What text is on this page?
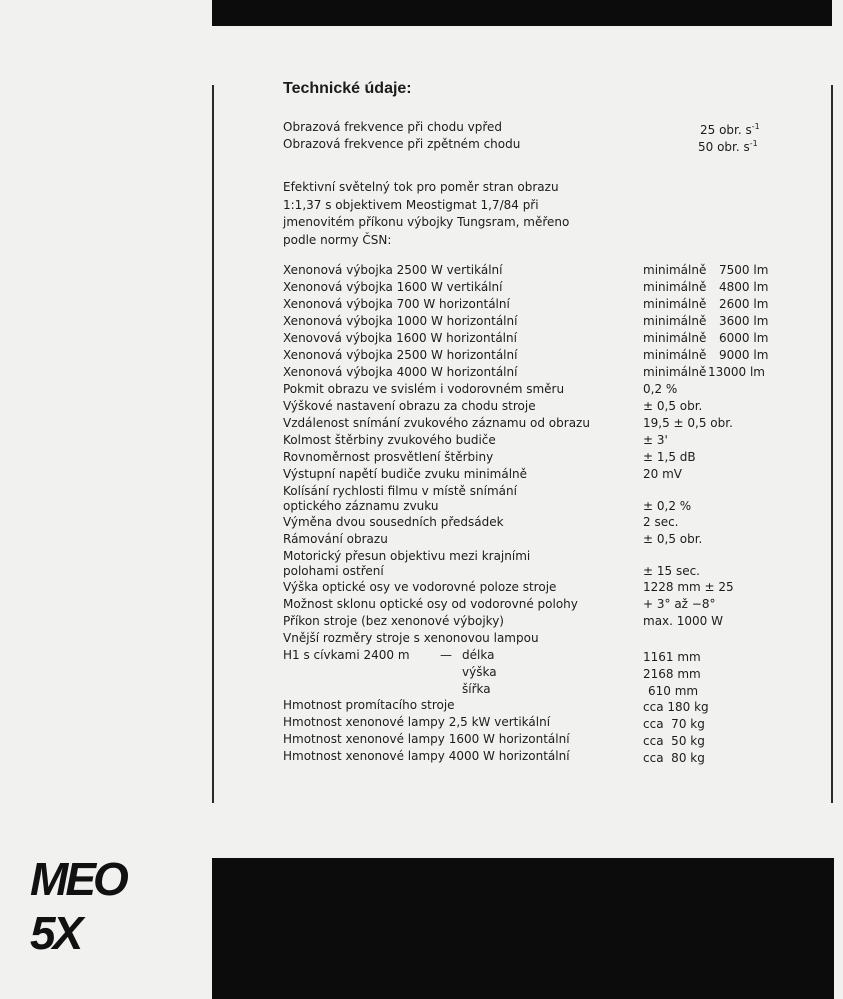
Technické údaje:
Obrazová frekvence při chodu vpřed	25 obr. $s^{-1}$
Obrazová frekvence při zpětném chodu	50 obr. $s^{-1}$
Efektivní světelný tok pro poměr stran obrazu
1:1,37 s objektivem Meostigmat 1,7/84 při
jmenovitém příkonu výbojky Tungsram, měřeno
podle normy ČSN:
Xenonová výbojka 2500 W vertikální	minimálně 7500 lm
Xenonová výbojka 1600 W vertikální	minimálně 4800 lm
Xenonová výbojka 700 W horizontální	minimálně 2600 lm
Xenonová výbojka 1000 W horizontální	minimálně 3600 lm
Xenovová výbojka 1600 W horizontální	minimálně 6000 lm
Xenonová výbojka 2500 W horizontální	minimálně 9000 lm
Xenonová výbojka 4000 W horizontální	minimálně 13000 lm
Pokmit obrazu ve svislém i vodorovném směru	0,2 %
Výškové nastavení obrazu za chodu stroje	± 0,5 obr.
Vzdálenost snímání zvukového záznamu od obrazu	19,5 ± 0,5 obr.
Kolmost štěrbiny zvukového budiče	± 3'
Rovnoměrnost prosvětlení štěrbiny	± 1,5 dB
Výstupní napětí budiče zvuku minimálně	20 mV
Kolísání rychlosti filmu v místě snímání
optického záznamu zvuku	± 0,2 %
Výměna dvou sousedních předsádek	2 sec.
Rámování obrazu	± 0,5 obr.
Motorický přesun objektivu mezi krajními
polohami ostření	± 15 sec.
Výška optické osy ve vodorovné poloze stroje	1228 mm ± 25
Možnost sklonu optické osy od vodorovné polohy	+ 3° až −8°
Příkon stroje (bez xenonové výbojky)	max. 1000 W
Vnější rozměry stroje s xenonovou lampou
H1 s cívkami 2400 m	— délka	1161 mm
výška	2168 mm
šířka	610 mm
Hmotnost promítacího stroje	cca 180 kg
Hmotnost xenonové lampy 2,5 kW vertikální	cca  70 kg
Hmotnost xenonové lampy 1600 W horizontální	cca  50 kg
Hmotnost xenonové lampy 4000 W horizontální	cca  80 kg
MEO
5X
